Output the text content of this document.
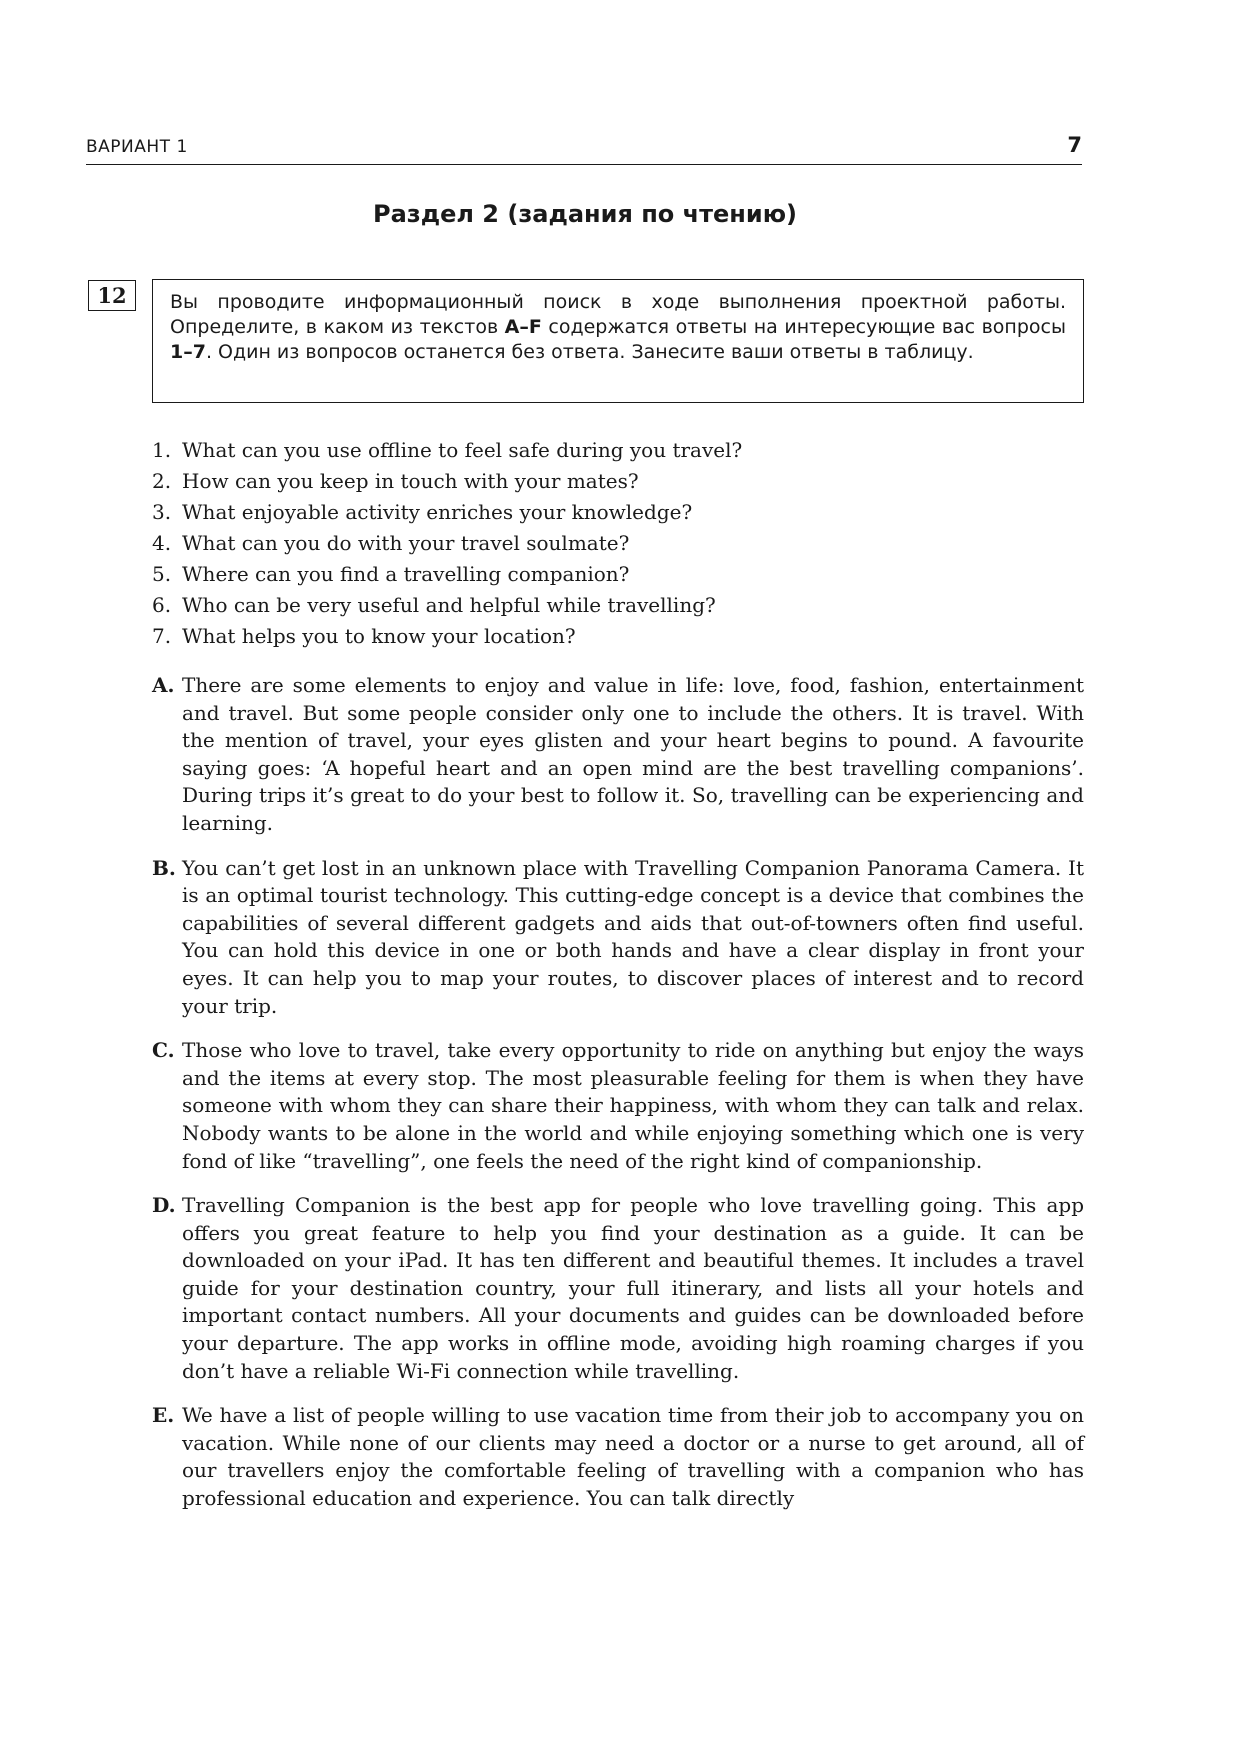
ВАРИАНТ 1	7
Раздел 2 (задания по чтению)
12	Вы проводите информационный поиск в ходе выполнения проектной работы. Определите, в каком из текстов A–F содержатся ответы на интересующие вас вопросы 1–7. Один из вопросов останется без ответа. Занесите ваши ответы в таблицу.
1. What can you use offline to feel safe during you travel?
2. How can you keep in touch with your mates?
3. What enjoyable activity enriches your knowledge?
4. What can you do with your travel soulmate?
5. Where can you find a travelling companion?
6. Who can be very useful and helpful while travelling?
7. What helps you to know your location?
A. There are some elements to enjoy and value in life: love, food, fashion, entertainment and travel. But some people consider only one to include the others. It is travel. With the mention of travel, your eyes glisten and your heart begins to pound. A favourite saying goes: ‘A hopeful heart and an open mind are the best travelling companions’. During trips it’s great to do your best to follow it. So, travelling can be experiencing and learning.
B. You can’t get lost in an unknown place with Travelling Companion Panorama Camera. It is an optimal tourist technology. This cutting-edge concept is a device that combines the capabilities of several different gadgets and aids that out-of-towners often find useful. You can hold this device in one or both hands and have a clear display in front your eyes. It can help you to map your routes, to discover places of interest and to record your trip.
C. Those who love to travel, take every opportunity to ride on anything but enjoy the ways and the items at every stop. The most pleasurable feeling for them is when they have someone with whom they can share their happiness, with whom they can talk and relax. Nobody wants to be alone in the world and while enjoying something which one is very fond of like “travelling”, one feels the need of the right kind of companionship.
D. Travelling Companion is the best app for people who love travelling going. This app offers you great feature to help you find your destination as a guide. It can be downloaded on your iPad. It has ten different and beautiful themes. It includes a travel guide for your destination country, your full itinerary, and lists all your hotels and important contact numbers. All your documents and guides can be downloaded before your departure. The app works in offline mode, avoiding high roaming charges if you don’t have a reliable Wi-Fi connection while travelling.
E. We have a list of people willing to use vacation time from their job to accompany you on vacation. While none of our clients may need a doctor or a nurse to get around, all of our travellers enjoy the comfortable feeling of travelling with a companion who has professional education and experience. You can talk directly
